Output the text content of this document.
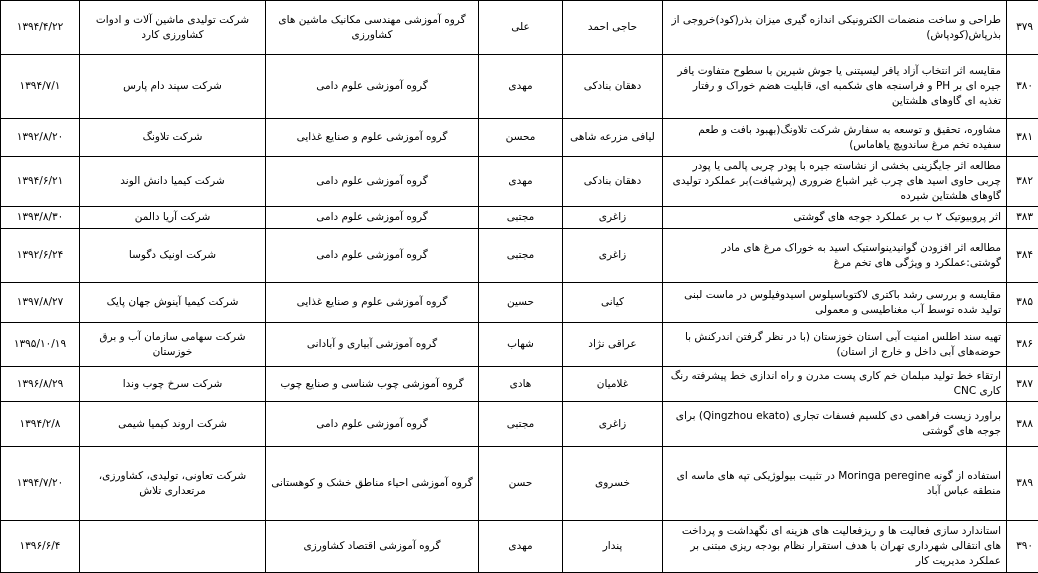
۳۷۹	طراحی و ساخت منضمات الکترونیکی اندازه گیری میزان بذر(کود)خروجی از بذرپاش(کودپاش)	حاجی احمد	علی	گروه آموزشی مهندسی مکانیک ماشین های کشاورزی	شرکت تولیدی ماشین آلات و ادوات کشاورزی کارد	۱۳۹۴/۴/۲۲
۳۸۰	مقایسه اثر انتخاب آزاد یافر لیسیتنی یا جوش شیرین با سطوح متفاوت یافر جیره ای بر PH و فراسنجه های شکمبه ای، قابلیت هضم خوراک و رفتار تغذیه ای گاوهای هلشتاین	دهقان بنادکی	مهدی	گروه آموزشی علوم دامی	شرکت سپند دام پارس	۱۳۹۴/۷/۱
۳۸۱	مشاوره، تحقیق و توسعه به سفارش شرکت تلاونگ(بهبود بافت و طعم سفیده تخم مرغ ساندویچ یاهاماس)	لیافی مزرعه شاهی	محسن	گروه آموزشی علوم و صنایع غذایی	شرکت تلاونگ	۱۳۹۲/۸/۲۰
۳۸۲	مطالعه اثر جایگزینی بخشی از نشاسته جیره با پودر چربی پالمی یا پودر چربی حاوی اسید های چرب غیر اشباع ضروری (پرشیافت)بر عملکرد تولیدی گاوهای هلشتاین شیرده	دهقان بنادکی	مهدی	گروه آموزشی علوم دامی	شرکت کیمیا دانش الوند	۱۳۹۴/۶/۲۱
۳۸۳	اثر پروبیوتیک ۲ ب بر عملکرد جوجه های گوشتی	زاغری	مجتبی	گروه آموزشی علوم دامی	شرکت آریا دالمن	۱۳۹۳/۸/۳۰
۳۸۴	مطالعه اثر افزودن گوانیدینواستیک اسید به خوراک مرغ های مادر گوشتی:عملکرد و ویژگی های تخم مرغ	زاغری	مجتبی	گروه آموزشی علوم دامی	شرکت اونیک دگوسا	۱۳۹۲/۶/۲۴
۳۸۵	مقایسه و بررسی رشد باکتری لاکتوباسیلوس اسیدوفیلوس در ماست لبنی تولید شده توسط آب مغناطیسی و معمولی	کیانی	حسین	گروه آموزشی علوم و صنایع غذایی	شرکت کیمیا آینوش جهان پایک	۱۳۹۷/۸/۲۷
۳۸۶	تهیه سند اطلس امنیت آبی استان خوزستان (با در نظر گرفتن اندرکنش با حوضه‌های آبی داخل و خارج از استان)	عراقی نژاد	شهاب	گروه آموزشی آبیاری و آبادانی	شرکت سهامی سازمان آب و برق خوزستان	۱۳۹۵/۱۰/۱۹
۳۸۷	ارتقاء خط تولید مبلمان خم کاری پست مدرن و راه اندازی خط پیشرفته رنگ کاری CNC	غلامیان	هادی	گروه آموزشی چوب شناسی و صنایع چوب	شرکت سرخ چوب وندا	۱۳۹۶/۸/۲۹
۳۸۸	براورد زیست فراهمی دی کلسیم فسفات تجاری (Qingzhou ekato) برای جوجه های گوشتی	زاغری	مجتبی	گروه آموزشی علوم دامی	شرکت اروند کیمیا شیمی	۱۳۹۴/۲/۸
۳۸۹	استفاده از گونه Moringa peregine در تثبیت بیولوژیکی تپه های ماسه ای منطقه عباس آباد	خسروی	حسن	گروه آموزشی احیاء مناطق خشک و کوهستانی	شرکت تعاونی، تولیدی، کشاورزی، مرتعداری تلاش	۱۳۹۴/۷/۲۰
۳۹۰	استاندارد سازی فعالیت ها و ریزفعالیت های هزینه ای نگهداشت و پرداخت های انتقالی شهرداری تهران با هدف استقرار نظام بودجه ریزی مبتنی بر عملکرد مدیریت کار	پندار	مهدی	گروه آموزشی اقتصاد کشاورزی		۱۳۹۶/۶/۴
